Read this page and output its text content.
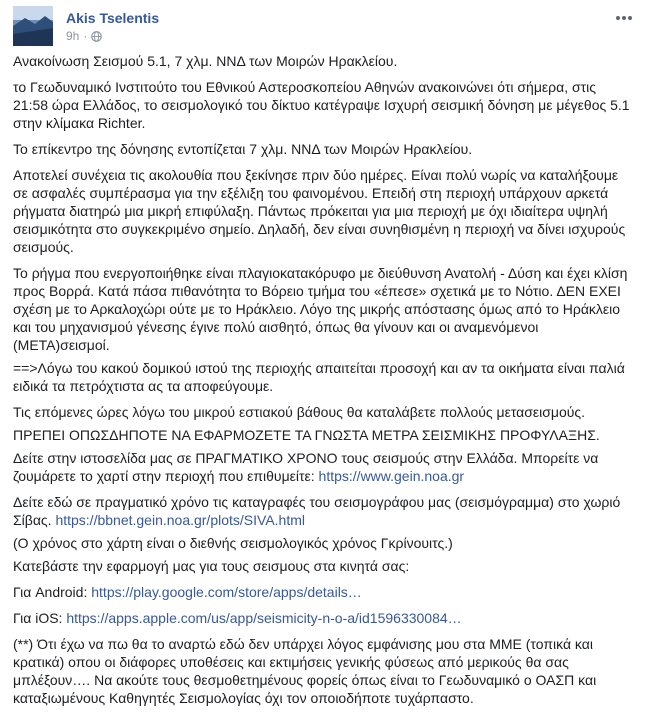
Akis Tselentis
9h ·

Ανακοίνωση Σεισμού 5.1, 7 χλμ. ΝΝΔ των Μοιρών Ηρακλείου.

το Γεωδυναμικό Ινστιτούτο του Εθνικού Αστεροσκοπείου Αθηνών ανακοινώνει ότι σήμερα, στις 21:58 ώρα Ελλάδος, το σεισμολογικό του δίκτυο κατέγραψε Ισχυρή σεισμική δόνηση με μέγεθος 5.1 στην κλίμακα Richter.

Το επίκεντρο της δόνησης εντοπίζεται 7 χλμ. ΝΝΔ των Μοιρών Ηρακλείου.

Αποτελεί συνέχεια τις ακολουθία που ξεκίνησε πριν δύο ημέρες. Είναι πολύ νωρίς να καταλήξουμε σε ασφαλές συμπέρασμα για την εξέλιξη του φαινομένου. Επειδή στη περιοχή υπάρχουν αρκετά ρήγματα διατηρώ μια μικρή επιφύλαξη. Πάντως πρόκειται για μια περιοχή με όχι ιδιαίτερα υψηλή σεισμικότητα στο συγκεκριμένο σημείο. Δηλαδή, δεν είναι συνηθισμένη η περιοχή να δίνει ισχυρούς σεισμούς.

Το ρήγμα που ενεργοποιήθηκε είναι πλαγιοκατακόρυφο με διεύθυνση Ανατολή - Δύση και έχει κλίση προς Βορρά. Κατά πάσα πιθανότητα το Βόρειο τμήμα του «έπεσε» σχετικά με το Νότιο. ΔΕΝ ΕΧΕΙ σχέση με το Αρκαλοχώρι ούτε με το Ηράκλειο. Λόγο της μικρής απόστασης όμως από το Ηράκλειο και του μηχανισμού γένεσης έγινε πολύ αισθητό, όπως θα γίνουν και οι αναμενόμενοι (ΜΕΤΑ)σεισμοί.

==>Λόγω του κακού δομικού ιστού της περιοχής απαιτείται προσοχή και αν τα οικήματα είναι παλιά ειδικά τα πετρόχτιστα ας τα αποφεύγουμε.

Τις επόμενες ώρες λόγω του μικρού εστιακού βάθους θα καταλάβετε πολλούς μετασεισμούς.

ΠΡΕΠΕΙ ΟΠΩΣΔΗΠΟΤΕ ΝΑ ΕΦΑΡΜΟΖΕΤΕ ΤΑ ΓΝΩΣΤΑ ΜΕΤΡΑ ΣΕΙΣΜΙΚΗΣ ΠΡΟΦΥΛΑΞΗΣ.

Δείτε στην ιστοσελίδα μας σε ΠΡΑΓΜΑΤΙΚΟ ΧΡΟΝΟ τους σεισμούς στην Ελλάδα. Μπορείτε να ζουμάρετε το χαρτί στην περιοχή που επιθυμείτε: https://www.gein.noa.gr

Δείτε εδώ σε πραγματικό χρόνο τις καταγραφές του σεισμογράφου μας (σεισμόγραμμα) στο χωριό Σίβας. https://bbnet.gein.noa.gr/plots/SIVA.html

(Ο χρόνος στο χάρτη είναι ο διεθνής σεισμολογικός χρόνος Γκρίνουιτς.)

Κατεβάστε την εφαρμογή μας για τους σεισμους στα κινητά σας:

Για Android: https://play.google.com/store/apps/details…

Για iOS: https://apps.apple.com/us/app/seismicity-n-o-a/id1596330084…

(**) Ότι έχω να πω θα το αναρτώ εδώ δεν υπάρχει λόγος εμφάνισης μου στα ΜΜΕ (τοπικά και κρατικά) οπου οι διάφορες υποθέσεις και εκτιμήσεις γενικής φύσεως από μερικούς θα σας μπλέξουν…. Να ακούτε τους θεσμοθετημένους φορείς όπως είναι το Γεωδυναμικό ο ΟΑΣΠ και καταξιωμένους Καθηγητές Σεισμολογίας όχι τον οποιοδήποτε τυχάρπαστο.
